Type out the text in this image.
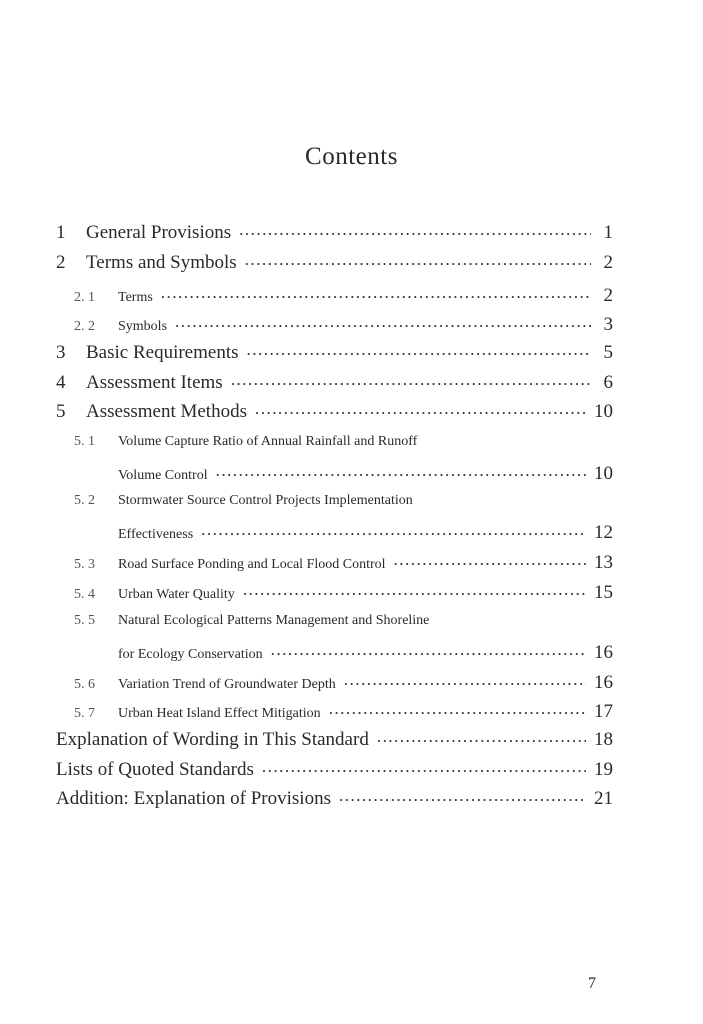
Contents
1	General Provisions ·····	1
2	Terms and Symbols ·····	2
2. 1	Terms ·····	2
2. 2	Symbols ·····	3
3	Basic Requirements ·····	5
4	Assessment Items ·····	6
5	Assessment Methods ·····	10
5. 1 Volume Capture Ratio of Annual Rainfall and Runoff
Volume Control ·····	10
5. 2 Stormwater Source Control Projects Implementation
Effectiveness ·····	12
5. 3	Road Surface Ponding and Local Flood Control ·····	13
5. 4	Urban Water Quality ·····	15
5. 5 Natural Ecological Patterns Management and Shoreline
for Ecology Conservation ·····	16
5. 6	Variation Trend of Groundwater Depth ·····	16
5. 7	Urban Heat Island Effect Mitigation ·····	17
Explanation of Wording in This Standard ·····	18
Lists of Quoted Standards ·····	19
Addition: Explanation of Provisions ·····	21
7
